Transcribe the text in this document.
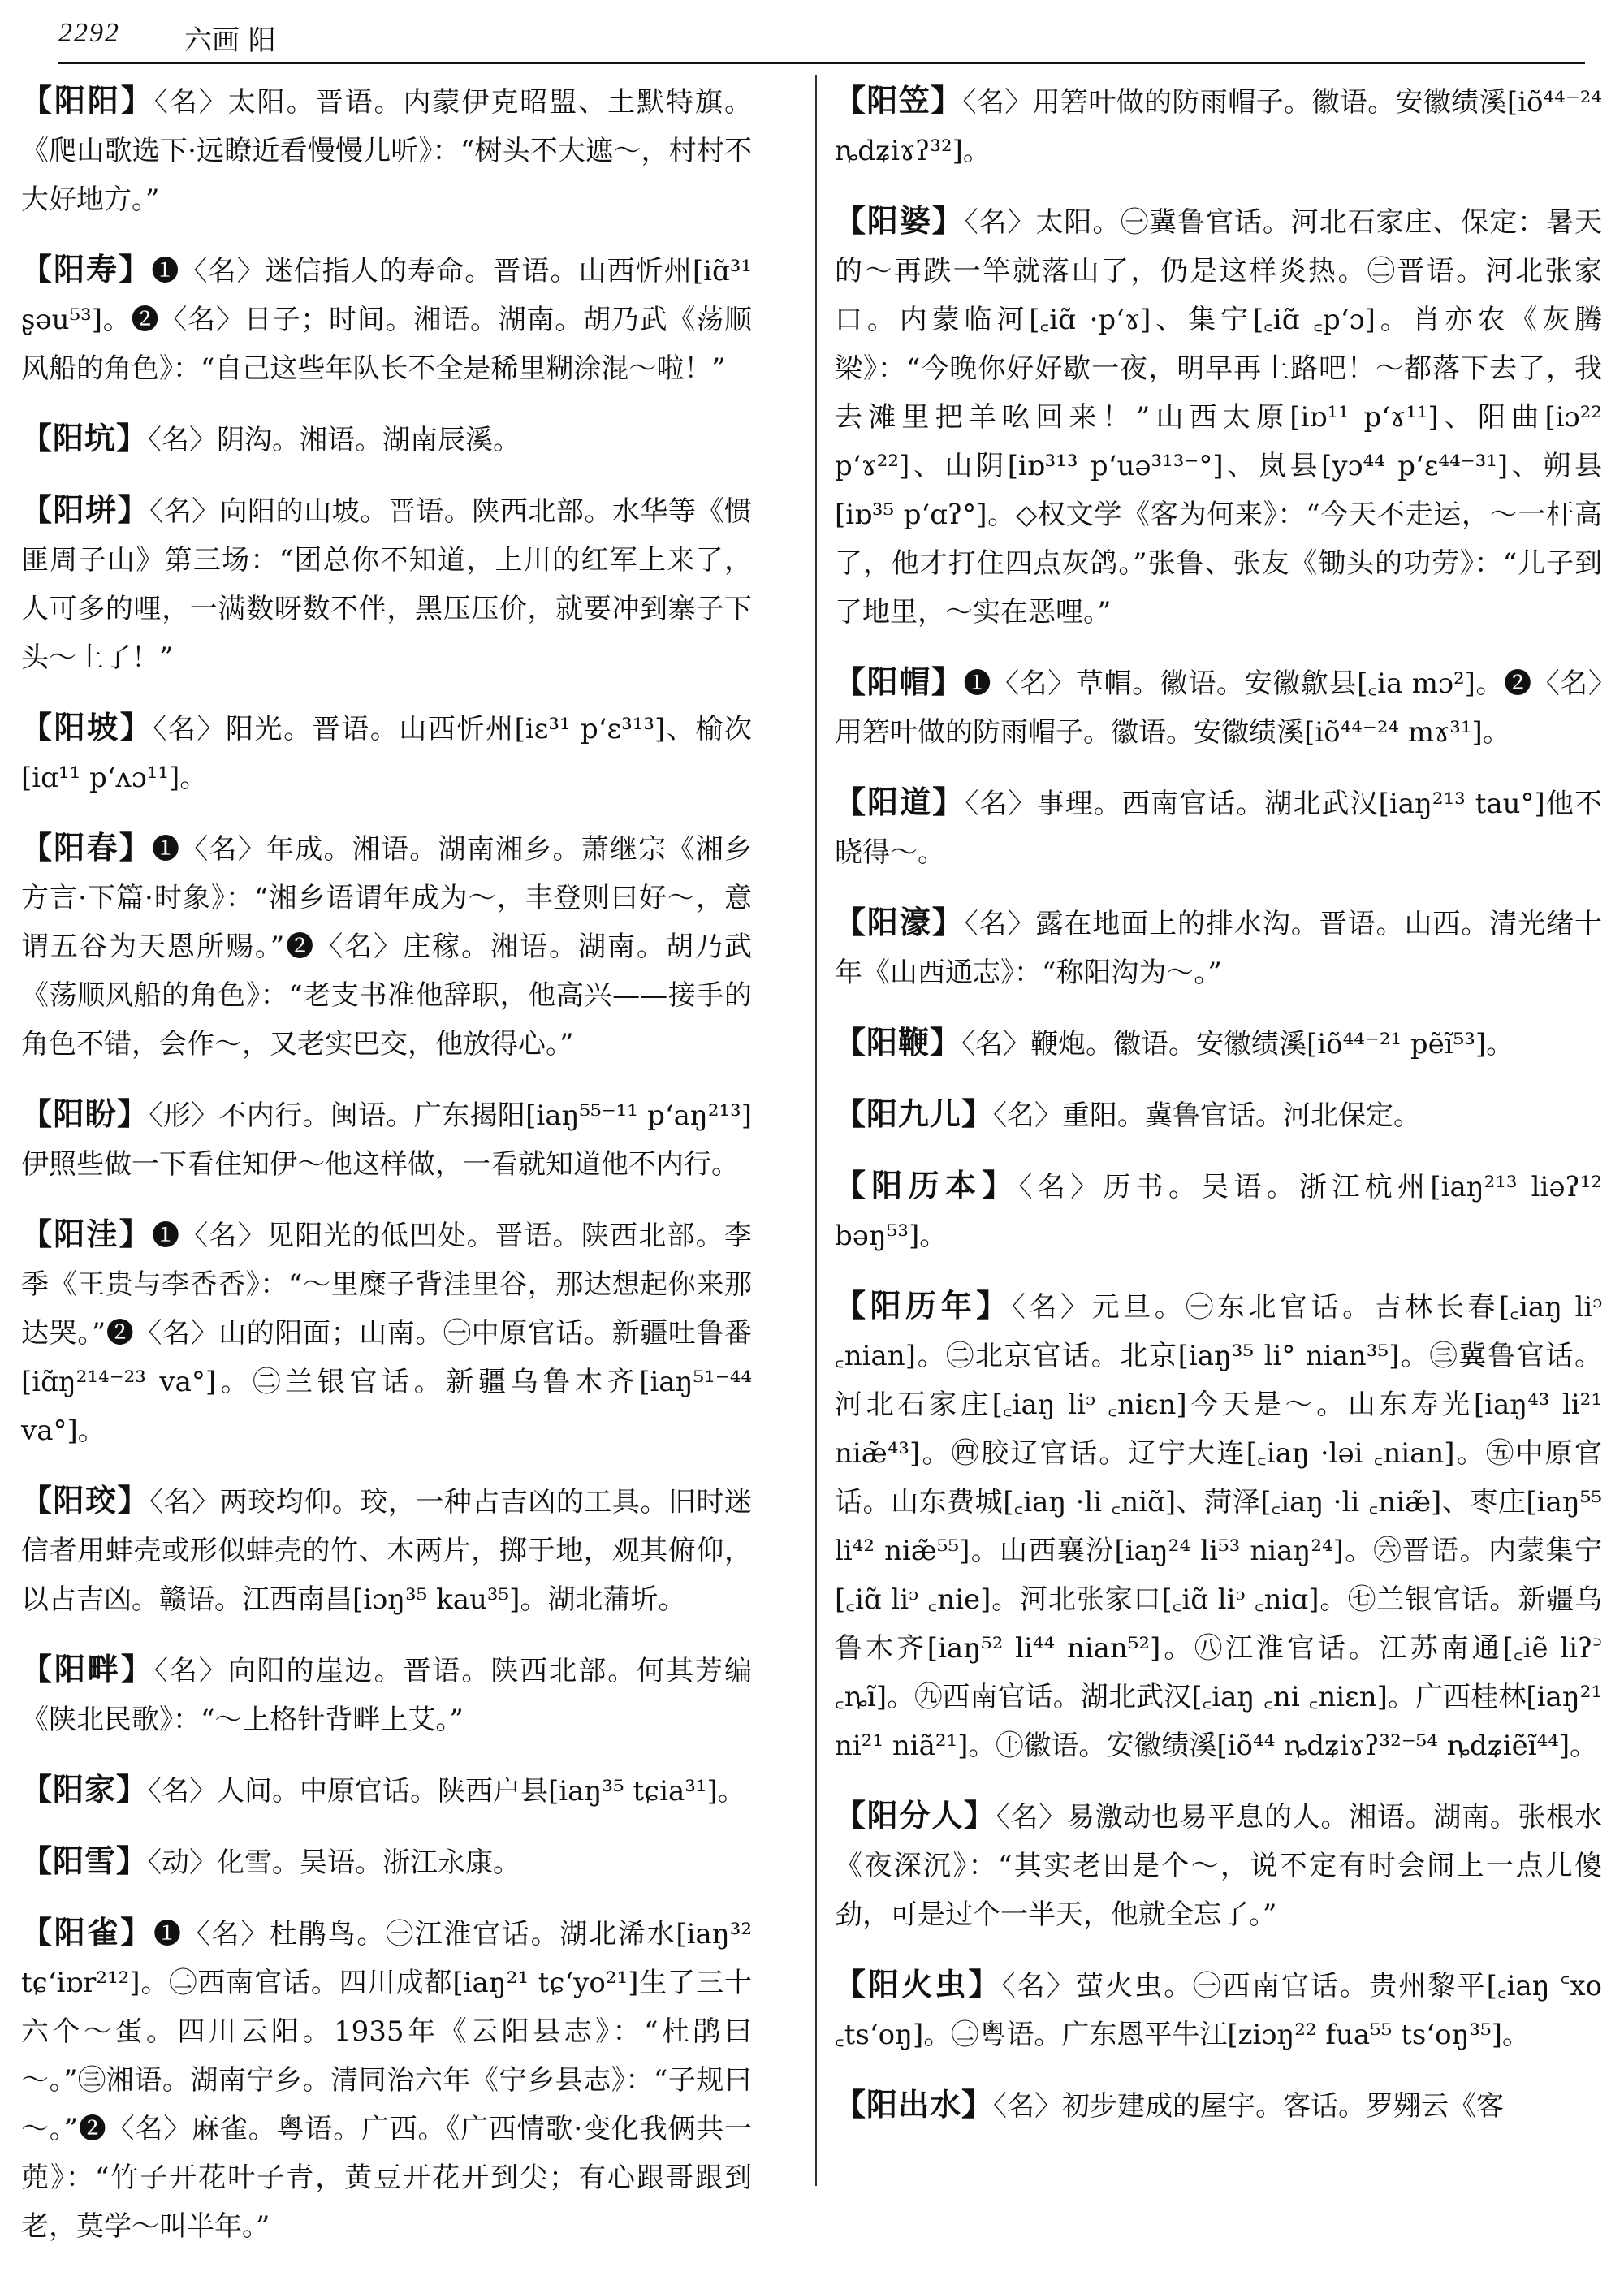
2292 六画 阳

【阳阳】〈名〉太阳。晋语。内蒙伊克昭盟、土默特旗。《爬山歌选下·远瞭近看慢慢儿听》：“树头不大遮～，村村不大好地方。”

【阳寿】❶〈名〉迷信指人的寿命。晋语。山西忻州[iɑ̃³¹ ʂəu⁵³]。❷〈名〉日子；时间。湘语。湖南。胡乃武《荡顺风船的角色》：“自己这些年队长不全是稀里糊涂混～啦！”

【阳坑】〈名〉阴沟。湘语。湖南辰溪。

【阳垪】〈名〉向阳的山坡。晋语。陕西北部。水华等《惯匪周子山》第三场：“团总你不知道，上川的红军上来了，人可多的哩，一满数呀数不伴，黑压压价，就要冲到寨子下头～上了！”

【阳坡】〈名〉阳光。晋语。山西忻州[iɛ³¹ p‘ɛ³¹³]、榆次[iɑ¹¹ p‘ʌɔ¹¹]。

【阳春】❶〈名〉年成。湘语。湖南湘乡。萧继宗《湘乡方言·下篇·时象》：“湘乡语谓年成为～，丰登则曰好～，意谓五谷为天恩所赐。”❷〈名〉庄稼。湘语。湖南。胡乃武《荡顺风船的角色》：“老支书准他辞职，他高兴——接手的角色不错，会作～，又老实巴交，他放得心。”

【阳盼】〈形〉不内行。闽语。广东揭阳[iaŋ⁵⁵⁻¹¹ p‘aŋ²¹³]伊照些做一下看住知伊～他这样做，一看就知道他不内行。

【阳洼】❶〈名〉见阳光的低凹处。晋语。陕西北部。李季《王贵与李香香》：“～里糜子背洼里谷，那达想起你来那达哭。”❷〈名〉山的阳面；山南。㊀中原官话。新疆吐鲁番[iɑ̃ŋ²¹⁴⁻²³ va°]。㊁兰银官话。新疆乌鲁木齐[iaŋ⁵¹⁻⁴⁴ va°]。

【阳珓】〈名〉两珓均仰。珓，一种占吉凶的工具。旧时迷信者用蚌壳或形似蚌壳的竹、木两片，掷于地，观其俯仰，以占吉凶。赣语。江西南昌[iɔŋ³⁵ kau³⁵]。湖北蒲圻。

【阳畔】〈名〉向阳的崖边。晋语。陕西北部。何其芳编《陕北民歌》：“～上格针背畔上艾。”

【阳家】〈名〉人间。中原官话。陕西户县[iaŋ³⁵ tɕia³¹]。

【阳雪】〈动〉化雪。吴语。浙江永康。

【阳雀】❶〈名〉杜鹃鸟。㊀江淮官话。湖北浠水[iaŋ³² tɕ‘iɒr²¹²]。㊁西南官话。四川成都[iaŋ²¹ tɕ‘yo²¹]生了三十六个～蛋。四川云阳。1935年《云阳县志》：“杜鹃曰～。”㊂湘语。湖南宁乡。清同治六年《宁乡县志》：“子规曰～。”❷〈名〉麻雀。粤语。广西。《广西情歌·变化我俩共一蔸》：“竹子开花叶子青，黄豆开花开到尖；有心跟哥跟到老，莫学～叫半年。”

【阳笠】〈名〉用箬叶做的防雨帽子。徽语。安徽绩溪[iõ⁴⁴⁻²⁴ ȵdʑiɤʔ³²]。

【阳婆】〈名〉太阳。㊀冀鲁官话。河北石家庄、保定：暑天的～再跌一竿就落山了，仍是这样炎热。㊁晋语。河北张家口。内蒙临河[꜀iɑ̃ ·p‘ɤ]、集宁[꜀iɑ̃ ꜀p‘ɔ]。肖亦农《灰腾梁》：“今晚你好好歇一夜，明早再上路吧！～都落下去了，我去滩里把羊吆回来！”山西太原[iɒ¹¹ p‘ɤ¹¹]、阳曲[iɔ²² p‘ɤ²²]、山阴[iɒ³¹³ p‘uə³¹³⁻°]、岚县[yɔ⁴⁴ p‘ɛ⁴⁴⁻³¹]、朔县[iɒ³⁵ p‘ɑʔ°]。◇权文学《客为何来》：“今天不走运，～一杆高了，他才打住四点灰鸽。”张鲁、张友《锄头的功劳》：“儿子到了地里，～实在恶哩。”

【阳帽】❶〈名〉草帽。徽语。安徽歙县[꜀ia mɔ²]。❷〈名〉用箬叶做的防雨帽子。徽语。安徽绩溪[iõ⁴⁴⁻²⁴ mɤ³¹]。

【阳道】〈名〉事理。西南官话。湖北武汉[iaŋ²¹³ tau°]他不晓得～。

【阳濠】〈名〉露在地面上的排水沟。晋语。山西。清光绪十年《山西通志》：“称阳沟为～。”

【阳鞭】〈名〉鞭炮。徽语。安徽绩溪[iõ⁴⁴⁻²¹ pẽĩ⁵³]。

【阳九儿】〈名〉重阳。冀鲁官话。河北保定。

【阳历本】〈名〉历书。吴语。浙江杭州[iaŋ²¹³ liəʔ¹² bəŋ⁵³]。

【阳历年】〈名〉元旦。㊀东北官话。吉林长春[꜀iaŋ liᵓ ꜀nian]。㊁北京官话。北京[iaŋ³⁵ li° nian³⁵]。㊂冀鲁官话。河北石家庄[꜀iaŋ liᵓ ꜀niɛn]今天是～。山东寿光[iaŋ⁴³ li²¹ niæ̃⁴³]。㊃胶辽官话。辽宁大连[꜀iaŋ ·ləi ꜀nian]。㊄中原官话。山东费城[꜀iaŋ ·li ꜀niɑ̃]、菏泽[꜀iaŋ ·li ꜀niæ̃]、枣庄[iaŋ⁵⁵ li⁴² niæ̃⁵⁵]。山西襄汾[iaŋ²⁴ li⁵³ niaŋ²⁴]。㊅晋语。内蒙集宁[꜀iɑ̃ liᵓ ꜀nie]。河北张家口[꜀iɑ̃ liᵓ ꜀niɑ]。㊆兰银官话。新疆乌鲁木齐[iaŋ⁵² li⁴⁴ nian⁵²]。㊇江淮官话。江苏南通[꜀iẽ liʔ꜄ ꜀ȵĩ]。㊈西南官话。湖北武汉[꜀iaŋ ꜀ni ꜀niɛn]。广西桂林[iaŋ²¹ ni²¹ niã²¹]。㊉徽语。安徽绩溪[iõ⁴⁴ ȵdʑiɤʔ³²⁻⁵⁴ ȵdʑiẽĩ⁴⁴]。

【阳分人】〈名〉易激动也易平息的人。湘语。湖南。张根水《夜深沉》：“其实老田是个～，说不定有时会闹上一点儿傻劲，可是过个一半天，他就全忘了。”

【阳火虫】〈名〉萤火虫。㊀西南官话。贵州黎平[꜀iaŋ ꜂xo ꜀ts‘oŋ]。㊁粤语。广东恩平牛江[ziɔŋ²² fua⁵⁵ ts‘oŋ³⁵]。

【阳出水】〈名〉初步建成的屋宇。客话。罗翙云《客
